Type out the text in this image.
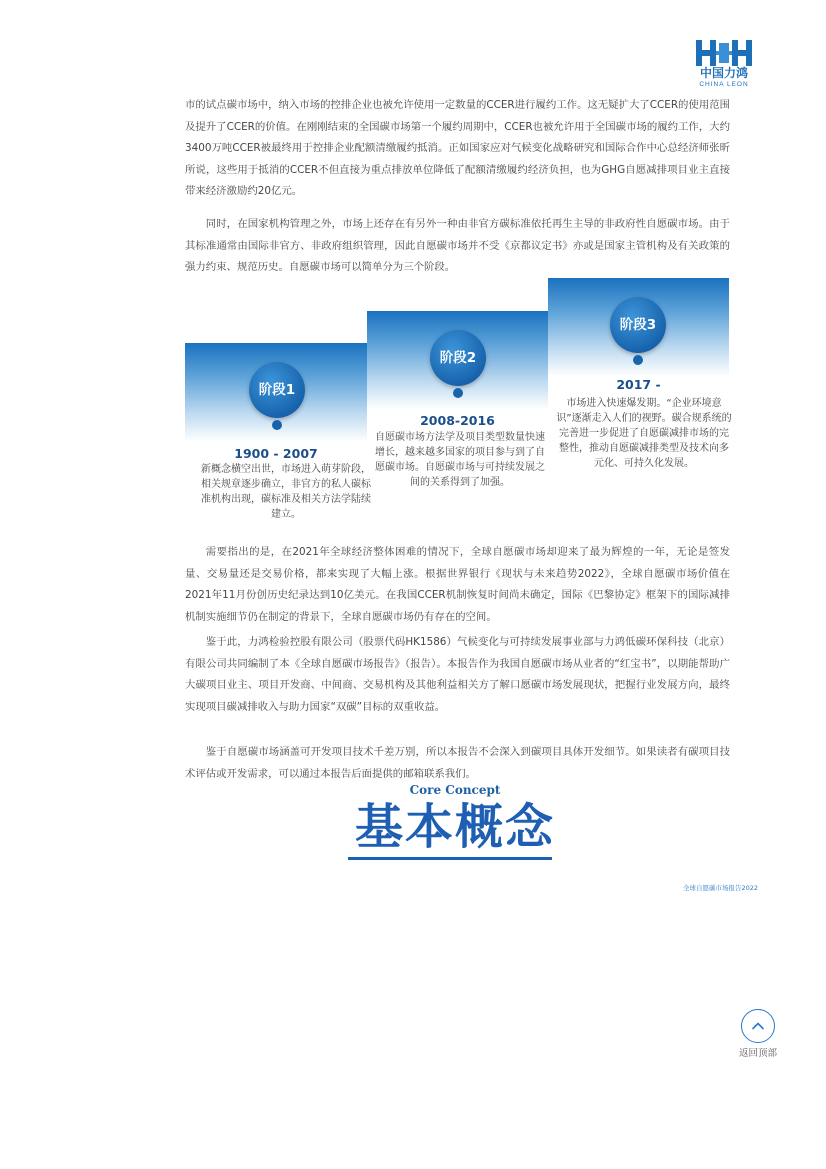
中国力鸿
CHINA LEON

市的试点碳市场中，纳入市场的控排企业也被允许使用一定数量的CCER进行履约工作。这无疑扩大了CCER的使用范围及提升了CCER的价值。在刚刚结束的全国碳市场第一个履约周期中，CCER也被允许用于全国碳市场的履约工作，大约3400万吨CCER被最终用于控排企业配额清缴履约抵消。正如国家应对气候变化战略研究和国际合作中心总经济师张昕所说，这些用于抵消的CCER不但直接为重点排放单位降低了配额清缴履约经济负担，也为GHG自愿减排项目业主直接带来经济激励约20亿元。

同时，在国家机构管理之外，市场上还存在有另外一种由非官方碳标准依托再生主导的非政府性自愿碳市场。由于其标准通常由国际非官方、非政府组织管理，因此自愿碳市场并不受《京都议定书》亦或是国家主管机构及有关政策的强力约束、规范历史。自愿碳市场可以简单分为三个阶段。

阶段1
阶段2
阶段3
1900 - 2007
2008-2016
2017 -

新概念横空出世，市场进入萌芽阶段，相关规章逐步确立，非官方的私人碳标准机构出现，碳标准及相关方法学陆续建立。

自愿碳市场方法学及项目类型数量快速增长，越来越多国家的项目参与到了自愿碳市场。自愿碳市场与可持续发展之间的关系得到了加强。

市场进入快速爆发期。“企业环境意识”逐渐走入人们的视野。碳合规系统的完善进一步促进了自愿碳减排市场的完整性，推动自愿碳减排类型及技术向多元化、可持久化发展。

需要指出的是，在2021年全球经济整体困难的情况下，全球自愿碳市场却迎来了最为辉煌的一年，无论是签发量、交易量还是交易价格，都来实现了大幅上涨。根据世界银行《现状与未来趋势2022》，全球自愿碳市场价值在2021年11月份创历史纪录达到10亿美元。在我国CCER机制恢复时间尚未确定，国际《巴黎协定》框架下的国际减排机制实施细节仍在制定的背景下，全球自愿碳市场仍有存在的空间。

鉴于此，力鸿检验控股有限公司（股票代码HK1586）气候变化与可持续发展事业部与力鸿低碳环保科技（北京）有限公司共同编制了本《全球自愿碳市场报告》（报告）。本报告作为我国自愿碳市场从业者的“红宝书”，以期能帮助广大碳项目业主、项目开发商、中间商、交易机构及其他利益相关方了解口愿碳市场发展现状，把握行业发展方向，最终实现项目碳减排收入与助力国家“双碳”目标的双重收益。

鉴于自愿碳市场涵盖可开发项目技术千差万别，所以本报告不会深入到碳项目具体开发细节。如果读者有碳项目技术评估或开发需求，可以通过本报告后面提供的邮箱联系我们。

Core Concept
基本概念
全球自愿碳市场报告2022
返回顶部
